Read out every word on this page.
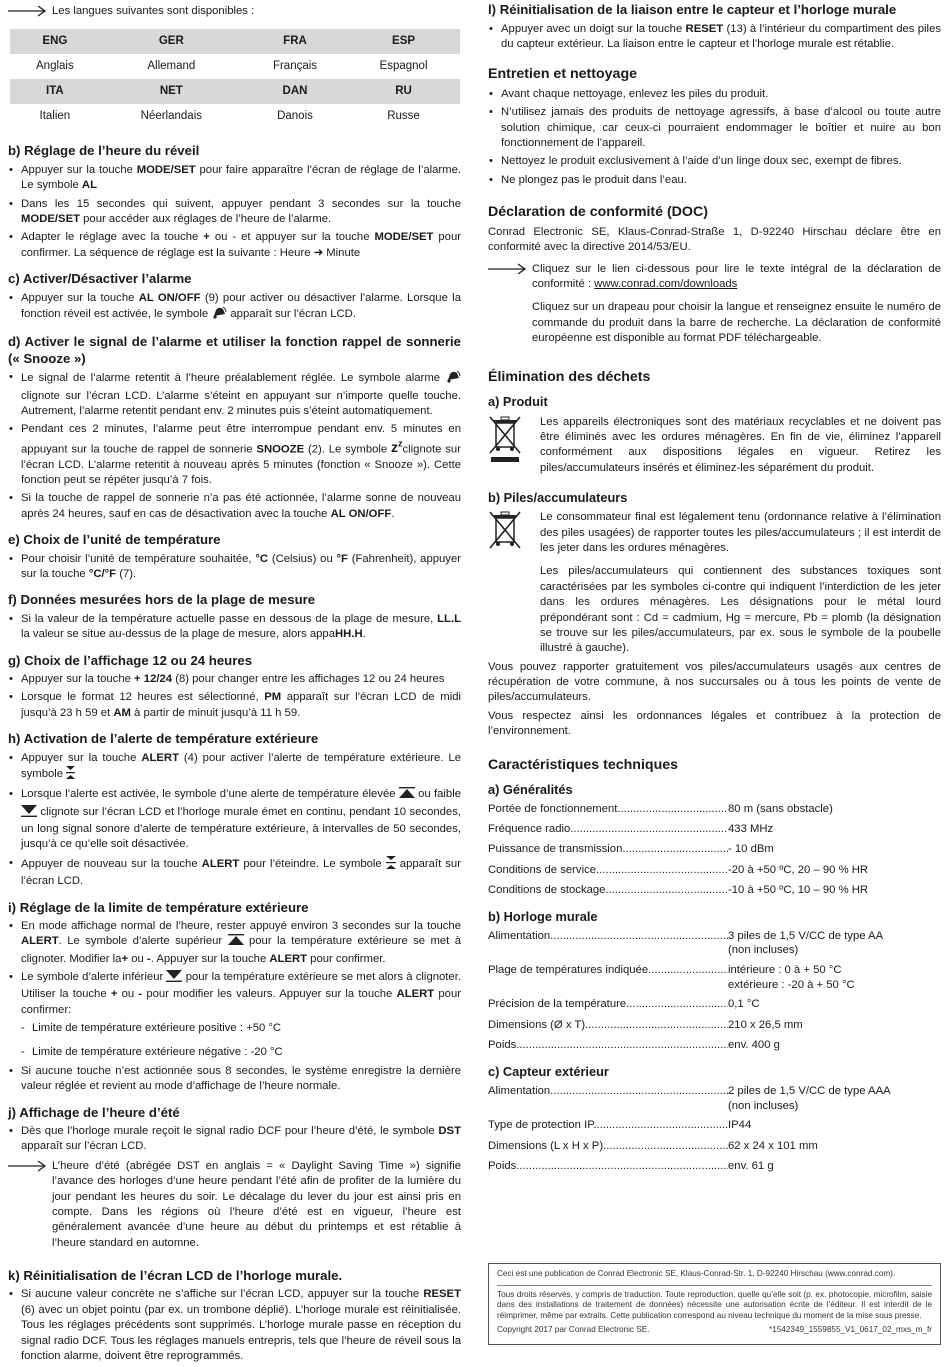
Les langues suivantes sont disponibles :
ENG	GER	FRA	ESP
Anglais	Allemand	Français	Espagnol
ITA	NET	DAN	RU
Italien	Néerlandais	Danois	Russe
b) Réglage de l’heure du réveil
• Appuyer sur la touche MODE/SET pour faire apparaître l’écran de réglage de l’alarme. Le symbole AL
• Dans les 15 secondes qui suivent, appuyer pendant 3 secondes sur la touche MODE/SET pour accéder aux réglages de l’heure de l’alarme.
• Adapter le réglage avec la touche + ou - et appuyer sur la touche MODE/SET pour confirmer. La séquence de réglage est la suivante : Heure ➜ Minute
c) Activer/Désactiver l’alarme
• Appuyer sur la touche AL ON/OFF (9) pour activer ou désactiver l’alarme. Lorsque la fonction réveil est activée, le symbole  apparaît sur l’écran LCD.
d) Activer le signal de l’alarme et utiliser la fonction rappel de sonnerie (« Snooze »)
• Le signal de l’alarme retentit à l’heure préalablement réglée. Le symbole alarme  clignote sur l’écran LCD. L’alarme s’éteint en appuyant sur n’importe quelle touche. Autrement, l’alarme retentit pendant env. 2 minutes puis s’éteint automatiquement.
• Pendant ces 2 minutes, l’alarme peut être interrompue pendant env. 5 minutes en appuyant sur la touche de rappel de sonnerie SNOOZE (2). Le symbole $z^zclignote$ sur l’écran LCD. L’alarme retentit à nouveau après 5 minutes (fonction « Snooze »). Cette fonction peut se répéter jusqu’à 7 fois.
• Si la touche de rappel de sonnerie n’a pas été actionnée, l’alarme sonne de nouveau après 24 heures, sauf en cas de désactivation avec la touche AL ON/OFF.
e) Choix de l’unité de température
• Pour choisir l’unité de température souhaitée, °C (Celsius) ou °F (Fahrenheit), appuyer sur la touche °C/°F (7).
f) Données mesurées hors de la plage de mesure
• Si la valeur de la température actuelle passe en dessous de la plage de mesure, LL.L la valeur se situe au-dessus de la plage de mesure, alors appaHH.H.
g) Choix de l’affichage 12 ou 24 heures
• Appuyer sur la touche + 12/24 (8) pour changer entre les affichages 12 ou 24 heures
• Lorsque le format 12 heures est sélectionné, PM apparaît sur l’écran LCD de midi jusqu’à 23 h 59 et AM à partir de minuit jusqu’à 11 h 59.
h) Activation de l’alerte de température extérieure
• Appuyer sur la touche ALERT (4) pour activer l’alerte de température extérieure. Le symbole
• Lorsque l’alerte est activée, le symbole d’une alerte de température élevée  ou faible  clignote sur l’écran LCD et l’horloge murale émet en continu, pendant 10 secondes, un long signal sonore d’alerte de température extérieure, à intervalles de 50 secondes, jusqu’à ce qu’elle soit désactivée.
• Appuyer de nouveau sur la touche ALERT pour l’éteindre. Le symbole  apparaît sur l’écran LCD.
i) Réglage de la limite de température extérieure
• En mode affichage normal de l’heure, rester appuyé environ 3 secondes sur la touche ALERT. Le symbole d’alerte supérieur  pour la température extérieure se met à clignoter. Modifier la+ ou -. Appuyer sur la touche ALERT pour confirmer.
• Le symbole d’alerte inférieur  pour la température extérieure se met alors à clignoter. Utiliser la touche + ou - pour modifier les valeurs. Appuyer sur la touche ALERT pour confirmer:
- Limite de température extérieure positive : +50 °C
- Limite de température extérieure négative : -20 °C
• Si aucune touche n’est actionnée sous 8 secondes, le système enregistre la dernière valeur réglée et revient au mode d’affichage de l’heure normale.
j) Affichage de l’heure d’été
• Dès que l’horloge murale reçoit le signal radio DCF pour l’heure d’été, le symbole DST apparaît sur l’écran LCD.

L’heure d’été (abrégée DST en anglais = « Daylight Saving Time ») signifie l’avance des horloges d’une heure pendant l’été afin de profiter de la lumière du jour pendant les heures du soir. Le décalage du lever du jour est ainsi pris en compte. Dans les régions où l’heure d’été est en vigueur, l’heure est généralement avancée d’une heure au début du printemps et est rétablie à l’heure standard en automne.

k) Réinitialisation de l’écran LCD de l’horloge murale.
• Si aucune valeur concrète ne s’affiche sur l’écran LCD, appuyer sur la touche RESET (6) avec un objet pointu (par ex. un trombone déplié). L’horloge murale est réinitialisée. Tous les réglages précédents sont supprimés. L’horloge murale passe en réception du signal radio DCF. Tous les réglages manuels entrepris, tels que l’heure de réveil sous la fonction alarme, doivent être reprogrammés.
l) Réinitialisation de la liaison entre le capteur et l’horloge murale
• Appuyer avec un doigt sur la touche RESET (13) à l’intérieur du compartiment des piles du capteur extérieur. La liaison entre le capteur et l’horloge murale est rétablie.
Entretien et nettoyage
• Avant chaque nettoyage, enlevez les piles du produit.
• N’utilisez jamais des produits de nettoyage agressifs, à base d’alcool ou toute autre solution chimique, car ceux-ci pourraient endommager le boîtier et nuire au bon fonctionnement de l’appareil.
• Nettoyez le produit exclusivement à l’aide d’un linge doux sec, exempt de fibres.
• Ne plongez pas le produit dans l’eau.
Déclaration de conformité (DOC)

Conrad Electronic SE, Klaus-Conrad-Straße 1, D-92240 Hirschau déclare être en conformité avec la directive 2014/53/EU.

Cliquez sur le lien ci-dessous pour lire le texte intégral de la déclaration de conformité : www.conrad.com/downloads

Cliquez sur un drapeau pour choisir la langue et renseignez ensuite le numéro de commande du produit dans la barre de recherche. La déclaration de conformité européenne est disponible au format PDF téléchargeable.

Élimination des déchets
a) Produit

Les appareils électroniques sont des matériaux recyclables et ne doivent pas être éliminés avec les ordures ménagères. En fin de vie, éliminez l’appareil conformément aux dispositions légales en vigueur. Retirez les piles/accumulateurs insérés et éliminez-les séparément du produit.

b) Piles/accumulateurs

Le consommateur final est légalement tenu (ordonnance relative à l’élimination des piles usagées) de rapporter toutes les piles/accumulateurs ; il est interdit de les jeter dans les ordures ménagères.

Les piles/accumulateurs qui contiennent des substances toxiques sont caractérisées par les symboles ci-contre qui indiquent l’interdiction de les jeter dans les ordures ménagères. Les désignations pour le métal lourd prépondérant sont : Cd = cadmium, Hg = mercure, Pb = plomb (la désignation se trouve sur les piles/accumulateurs, par ex. sous le symbole de la poubelle illustré à gauche).

Vous pouvez rapporter gratuitement vos piles/accumulateurs usagés aux centres de récupération de votre commune, à nos succursales ou à tous les points de vente de piles/accumulateurs.

Vous respectez ainsi les ordonnances légales et contribuez à la protection de l’environnement.

Caractéristiques techniques
a) Généralités
Portée de fonctionnement .....	80 m (sans obstacle)
Fréquence radio .....	433 MHz
Puissance de transmission .....	- 10 dBm
Conditions de service .....	-20 à +50 ºC, 20 – 90 % HR
Conditions de stockage .....	-10 à +50 ºC, 10 – 90 % HR
b) Horloge murale
Alimentation .....	3 piles de 1,5 V/CC de type AA
(non incluses)
Plage de températures indiquée .....	intérieure : 0 à + 50 °C
extérieure : -20 à + 50 °C
Précision de la température .....	0,1 °C
Dimensions (Ø x T) .....	210 x 26,5 mm
Poids .....	env. 400 g
c) Capteur extérieur
Alimentation .....	2 piles de 1,5 V/CC de type AAA
(non incluses)
Type de protection IP .....	IP44
Dimensions (L x H x P) .....	62 x 24 x 101 mm
Poids .....	env. 61 g
Ceci est une publication de Conrad Electronic SE, Klaus-Conrad-Str. 1, D-92240 Hirschau (www.conrad.com).
Tous droits réservés, y compris de traduction. Toute reproduction, quelle qu’elle soit (p. ex. photocopie, microfilm, saisie dans des installations de traitement de données) nécessite une autorisation écrite de l’éditeur. Il est interdit de le réimprimer, même par extraits. Cette publication correspond au niveau technique du moment de la mise sous presse.
Copyright 2017 par Conrad Electronic SE.	*1542349_1559855_V1_0617_02_mxs_m_fr
